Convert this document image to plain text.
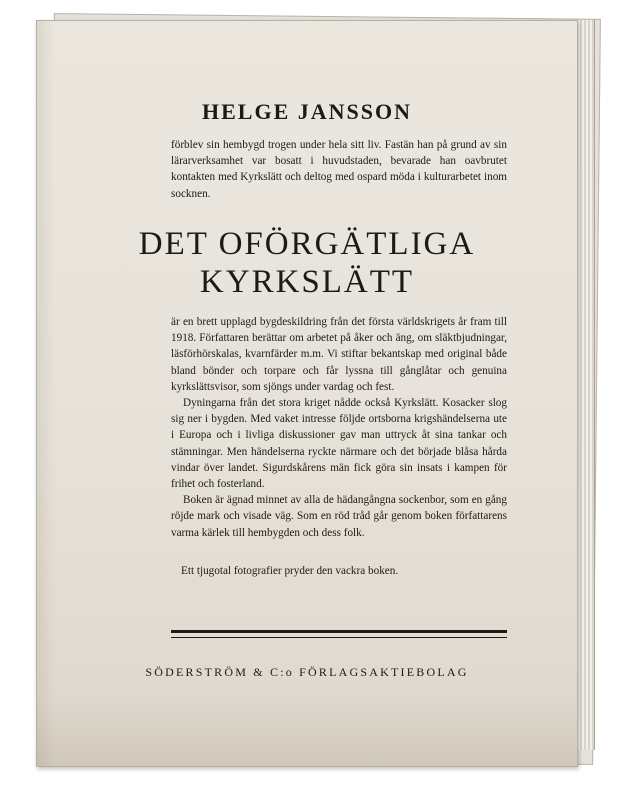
HELGE JANSSON

förblev sin hembygd trogen under hela sitt liv. Fastän han på grund av sin lärarverksamhet var bosatt i huvudstaden, bevarade han oavbrutet kontakten med Kyrkslätt och deltog med ospard möda i kulturarbetet inom socknen.

DET OFÖRGÄTLIGA
KYRKSLÄTT

är en brett upplagd bygdeskildring från det första världskrigets år fram till 1918. Författaren berättar om arbetet på åker och äng, om släktbjudningar, läsförhörskalas, kvarnfärder m.m. Vi stiftar bekantskap med original både bland bönder och torpare och får lyssna till gånglåtar och genuina kyrkslättsvisor, som sjöngs under vardag och fest.

Dyningarna från det stora kriget nådde också Kyrkslätt. Kosacker slog sig ner i bygden. Med vaket intresse följde ortsborna krigshändelserna ute i Europa och i livliga diskussioner gav man uttryck åt sina tankar och stämningar. Men händelserna ryckte närmare och det började blåsa hårda vindar över landet. Sigurdskårens män fick göra sin insats i kampen för frihet och fosterland.

Boken är ägnad minnet av alla de hädangångna sockenbor, som en gång röjde mark och visade väg. Som en röd tråd går genom boken författarens varma kärlek till hembygden och dess folk.

Ett tjugotal fotografier pryder den vackra boken.

SÖDERSTRÖM & C:o FÖRLAGSAKTIEBOLAG
